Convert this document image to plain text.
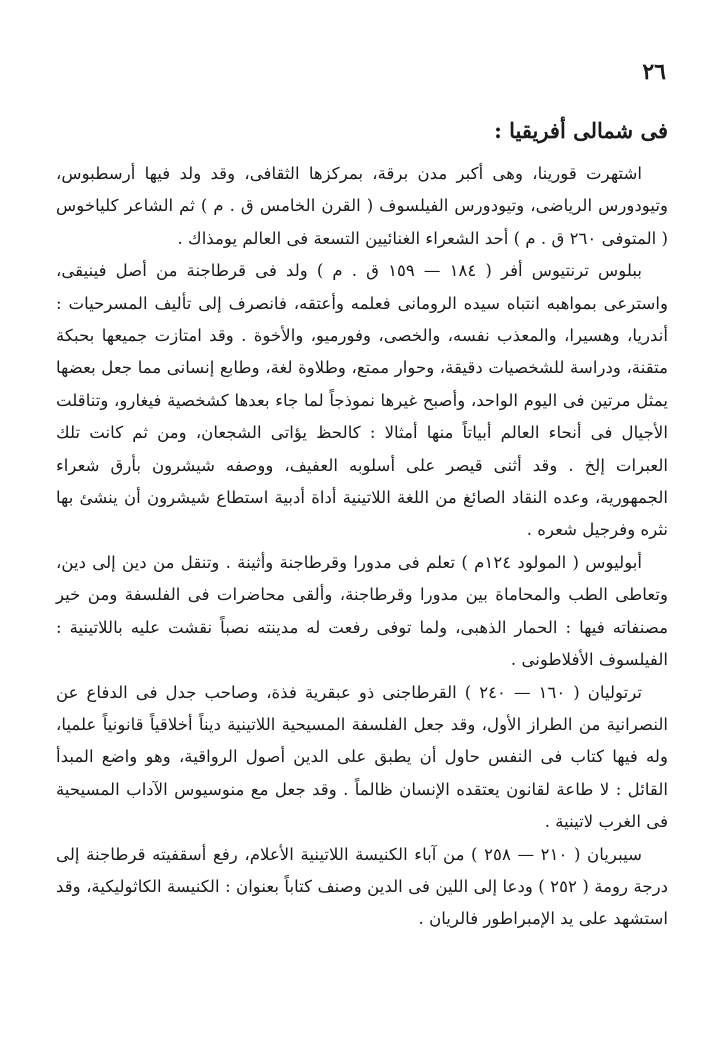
٢٦
فى شمالى أفريقيا :

اشتهرت قورينا، وهى أكبر مدن برقة، بمركزها الثقافى، وقد ولد فيها أرسطبوس، وتيودورس الرياضى، وتيودورس الفيلسوف ( القرن الخامس ق . م ) ثم الشاعر كلياخوس ( المتوفى ٢٦٠ ق . م ) أحد الشعراء الغنائيين التسعة فى العالم يومذاك .

ببلوس ترنتيوس أفر ( ١٨٤ — ١٥٩ ق . م ) ولد فى قرطاجنة من أصل فينيقى، واسترعى بمواهبه انتباه سيده الرومانى فعلمه وأعتقه، فانصرف إلى تأليف المسرحيات : أندريا، وهسيرا، والمعذب نفسه، والخصى، وفورميو، والأخوة . وقد امتازت جميعها بحبكة متقنة، ودراسة للشخصيات دقيقة، وحوار ممتع، وطلاوة لغة، وطابع إنسانى مما جعل بعضها يمثل مرتين فى اليوم الواحد، وأصبح غيرها نموذجاً لما جاء بعدها كشخصية فيغارو، وتناقلت الأجيال فى أنحاء العالم أبياتاً منها أمثالا : كالحظ يؤاتى الشجعان، ومن ثم كانت تلك العبرات إلخ . وقد أثنى قيصر على أسلوبه العفيف، ووصفه شيشرون بأرق شعراء الجمهورية، وعده النقاد الصائغ من اللغة اللاتينية أداة أدبية استطاع شيشرون أن ينشئ بها نثره وفرجيل شعره .

أبوليوس ( المولود ١٢٤م ) تعلم فى مدورا وقرطاجنة وأثينة . وتنقل من دين إلى دين، وتعاطى الطب والمحاماة بين مدورا وقرطاجنة، وألقى محاضرات فى الفلسفة ومن خير مصنفاته فيها : الحمار الذهبى، ولما توفى رفعت له مدينته نصباً نقشت عليه باللاتينية : الفيلسوف الأفلاطونى .

ترتوليان ( ١٦٠ — ٢٤٠ ) القرطاجنى ذو عبقرية فذة، وصاحب جدل فى الدفاع عن النصرانية من الطراز الأول، وقد جعل الفلسفة المسيحية اللاتينية ديناً أخلاقياً قانونياً علميا، وله فيها كتاب فى النفس حاول أن يطبق على الدين أصول الرواقية، وهو واضع المبدأ القائل : لا طاعة لقانون يعتقده الإنسان ظالماً . وقد جعل مع منوسيوس الآداب المسيحية فى الغرب لاتينية .

سيبريان ( ٢١٠ — ٢٥٨ ) من آباء الكنيسة اللاتينية الأعلام، رفع أسقفيته قرطاجنة إلى درجة رومة ( ٢٥٢ ) ودعا إلى اللين فى الدين وصنف كتاباً بعنوان : الكنيسة الكاثوليكية، وقد استشهد على يد الإمبراطور فالريان .
